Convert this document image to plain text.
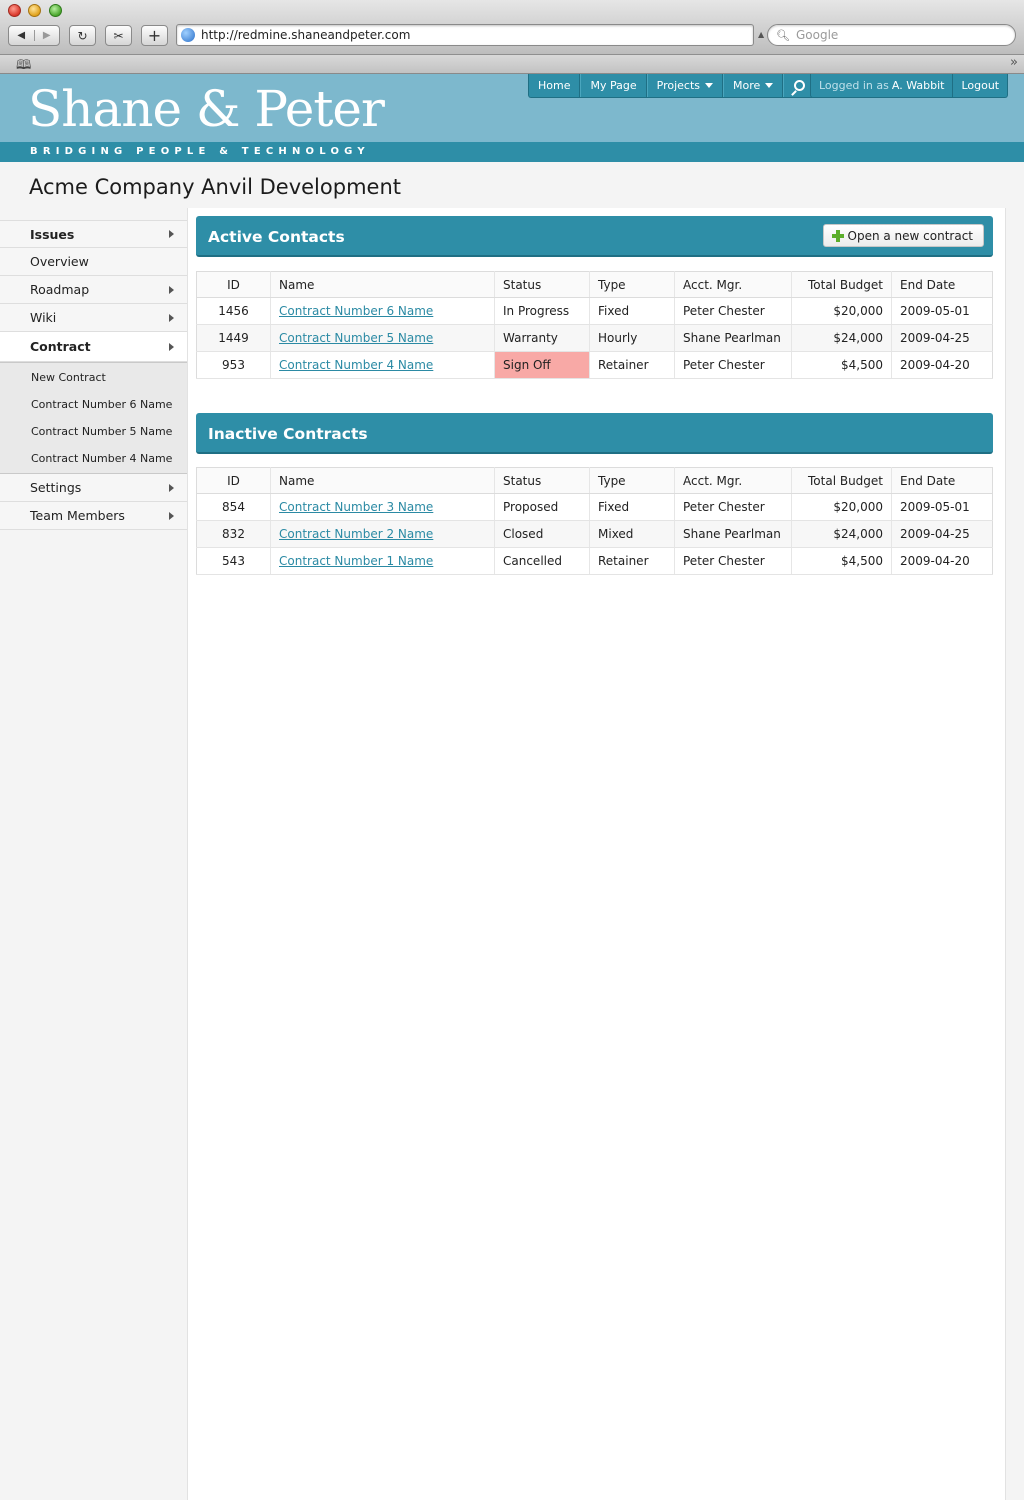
◀	▶	↻ ✂ +	http://redmine.shaneandpeter.com	▲ 🔍︎ Google
🕮	»
Shane & Peter
BRIDGING PEOPLE & TECHNOLOGY
Home My Page Projects	More	Logged in as A. Wabbit Logout
Acme Company Anvil Development
Issues
Overview
Roadmap
Wiki
Contract
New Contract
Contract Number 6 Name
Contract Number 5 Name
Contract Number 4 Name
Settings
Team Members
Active Contacts	Open a new contract
ID	Name	Status	Type	Acct. Mgr.	Total Budget	End Date
1456	Contract Number 6 Name	In Progress	Fixed	Peter Chester	$20,000	2009-05-01
1449	Contract Number 5 Name	Warranty	Hourly	Shane Pearlman	$24,000	2009-04-25
953	Contract Number 4 Name	Sign Off	Retainer	Peter Chester	$4,500	2009-04-20
Inactive Contracts
ID	Name	Status	Type	Acct. Mgr.	Total Budget	End Date
854	Contract Number 3 Name	Proposed	Fixed	Peter Chester	$20,000	2009-05-01
832	Contract Number 2 Name	Closed	Mixed	Shane Pearlman	$24,000	2009-04-25
543	Contract Number 1 Name	Cancelled	Retainer	Peter Chester	$4,500	2009-04-20
